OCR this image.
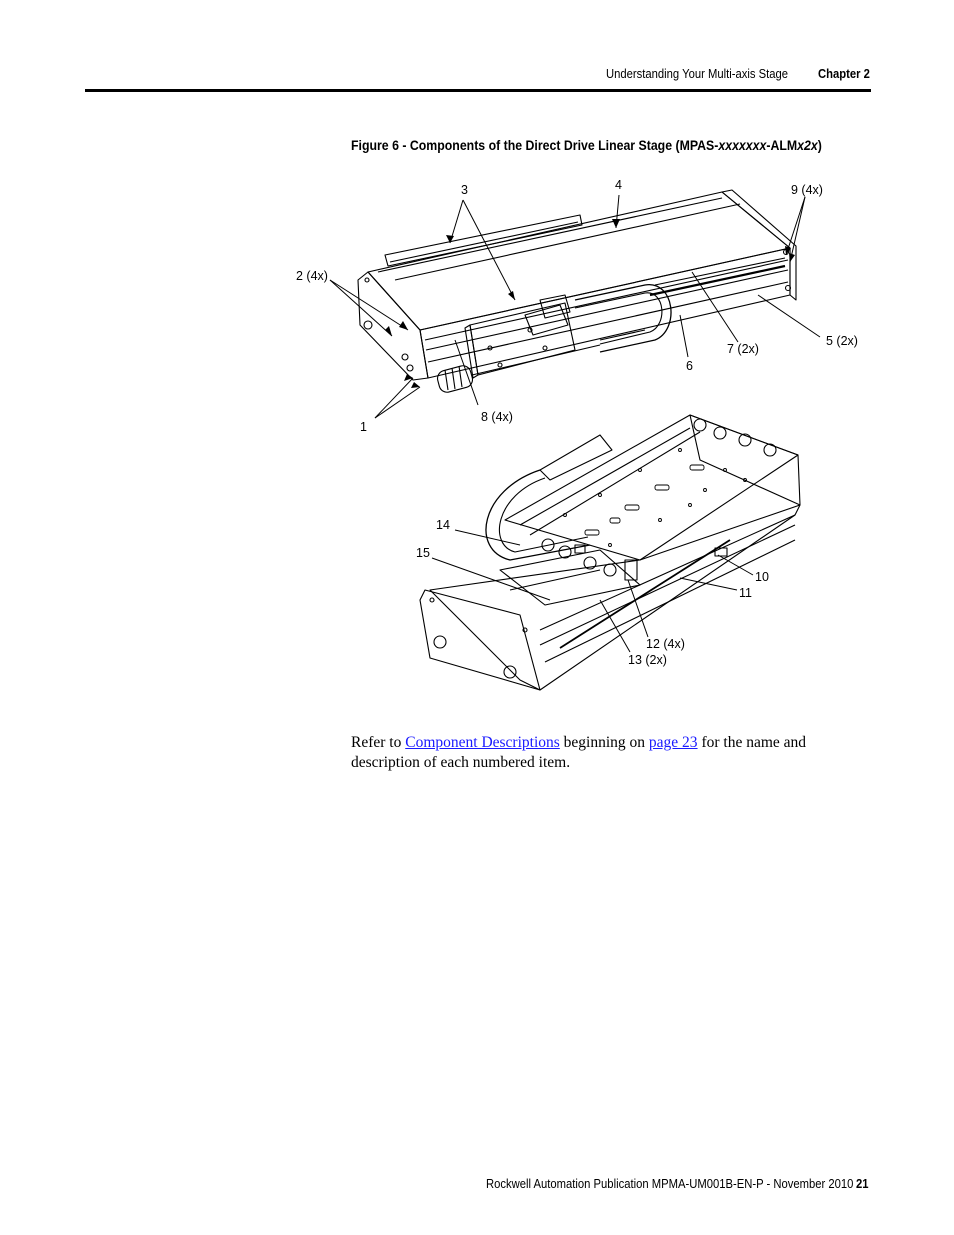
Understanding Your Multi-axis Stage Chapter 2
Figure 6 - Components of the Direct Drive Linear Stage (MPAS-xxxxxxx-ALMx2x)
3	4	9 (4x)
2 (4x)
5 (2x)
7 (2x)
6
8 (4x)
1
14
15
10
11
12 (4x)
13 (2x)
Refer to Component Descriptions beginning on page 23 for the name and description of each numbered item.
Rockwell Automation Publication MPMA-UM001B-EN-P - November 2010 21
